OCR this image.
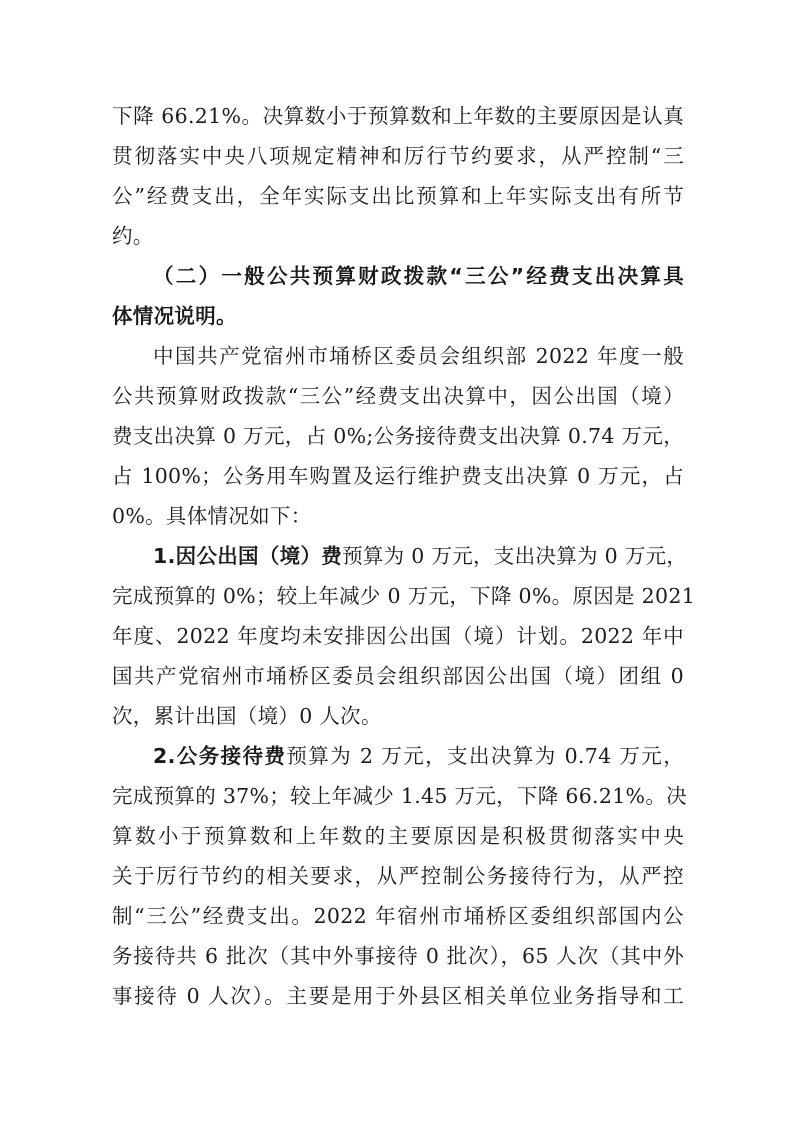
下降 66.21%。决算数小于预算数和上年数的主要原因是认真
贯彻落实中央八项规定精神和厉行节约要求，从严控制“三
公”经费支出，全年实际支出比预算和上年实际支出有所节
约。
（二）一般公共预算财政拨款“三公”经费支出决算具
体情况说明。
中国共产党宿州市埇桥区委员会组织部 2022 年度一般
公共预算财政拨款“三公”经费支出决算中，因公出国（境）
费支出决算 0 万元，占 0%;公务接待费支出决算 0.74 万元，
占 100%；公务用车购置及运行维护费支出决算 0 万元，占
0%。具体情况如下：
1.因公出国（境）费预算为 0 万元，支出决算为 0 万元，
完成预算的 0%；较上年减少 0 万元，下降 0%。原因是 2021
年度、2022 年度均未安排因公出国（境）计划。2022 年中
国共产党宿州市埇桥区委员会组织部因公出国（境）团组 0
次，累计出国（境）0 人次。
2.公务接待费预算为 2 万元，支出决算为 0.74 万元，
完成预算的 37%；较上年减少 1.45 万元，下降 66.21%。决
算数小于预算数和上年数的主要原因是积极贯彻落实中央
关于厉行节约的相关要求，从严控制公务接待行为，从严控
制“三公”经费支出。2022 年宿州市埇桥区委组织部国内公
务接待共 6 批次（其中外事接待 0 批次），65 人次（其中外
事接待 0 人次）。主要是用于外县区相关单位业务指导和工
